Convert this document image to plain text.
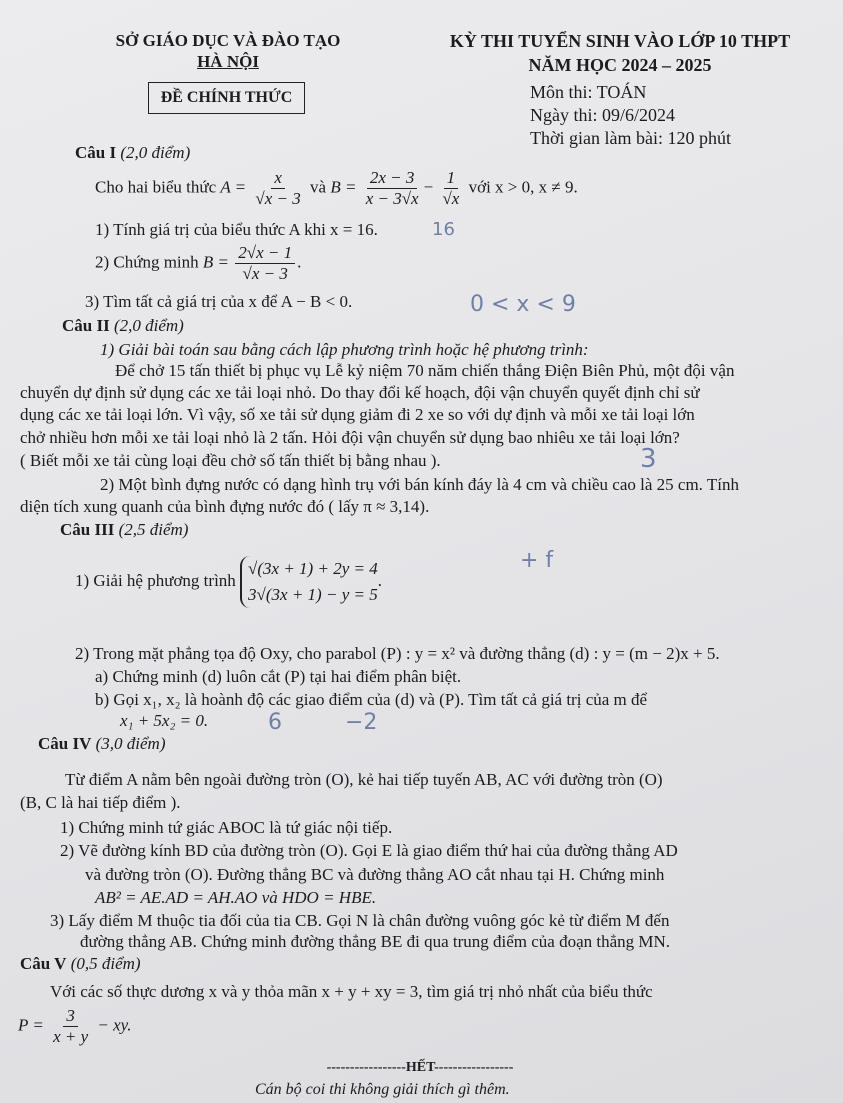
SỞ GIÁO DỤC VÀ ĐÀO TẠO
HÀ NỘI
KỲ THI TUYỂN SINH VÀO LỚP 10 THPT
NĂM HỌC 2024 – 2025
ĐỀ CHÍNH THỨC	Môn thi: TOÁN
Ngày thi: 09/6/2024
Thời gian làm bài: 120 phút
Câu I (2,0 điểm)
Cho hai biểu thức $A = \frac{x}{√x - 3}$ và $B = \frac{2x - 3}{x - 3√x} - \frac{1}{√x}$ với x > 0, x ≠ 9.
1) Tính giá trị của biểu thức A khi x = 16.
2) Chứng minh $B = \frac{2√x - 1}{√x - 3}$ .
3) Tìm tất cả giá trị của x để A − B < 0.
Câu II (2,0 điểm)
1) Giải bài toán sau bằng cách lập phương trình hoặc hệ phương trình:
Để chở 15 tấn thiết bị phục vụ Lễ kỷ niệm 70 năm chiến thắng Điện Biên Phủ, một đội vận
chuyển dự định sử dụng các xe tải loại nhỏ. Do thay đổi kế hoạch, đội vận chuyển quyết định chỉ sử
dụng các xe tải loại lớn. Vì vậy, số xe tải sử dụng giảm đi 2 xe so với dự định và mỗi xe tải loại lớn
chở nhiều hơn mỗi xe tải loại nhỏ là 2 tấn. Hỏi đội vận chuyển sử dụng bao nhiêu xe tải loại lớn?
( Biết mỗi xe tải cùng loại đều chở số tấn thiết bị bằng nhau ).
2) Một bình đựng nước có dạng hình trụ với bán kính đáy là 4 cm và chiều cao là 25 cm. Tính
diện tích xung quanh của bình đựng nước đó ( lấy π ≈ 3,14).
Câu III (2,5 điểm)
1) Giải hệ phương trình
√(3x + 1) + 2y = 4
3√(3x + 1) − y = 5
.
2) Trong mặt phẳng tọa độ Oxy, cho parabol (P) : y = x² và đường thẳng (d) : y = (m − 2)x + 5.
a) Chứng minh (d) luôn cắt (P) tại hai điểm phân biệt.
b) Gọi x₁, x₂ là hoành độ các giao điểm của (d) và (P). Tìm tất cả giá trị của m để
x₁ + 5x₂ = 0.
Câu IV (3,0 điểm)
Từ điểm A nằm bên ngoài đường tròn (O), kẻ hai tiếp tuyến AB, AC với đường tròn (O)
(B, C là hai tiếp điểm ).
1) Chứng minh tứ giác ABOC là tứ giác nội tiếp.
2) Vẽ đường kính BD của đường tròn (O). Gọi E là giao điểm thứ hai của đường thẳng AD
và đường tròn (O). Đường thẳng BC và đường thẳng AO cắt nhau tại H. Chứng minh
AB² = AE.AD = AH.AO và HDO = HBE.
3) Lấy điểm M thuộc tia đối của tia CB. Gọi N là chân đường vuông góc kẻ từ điểm M đến
đường thẳng AB. Chứng minh đường thẳng BE đi qua trung điểm của đoạn thẳng MN.
Câu V (0,5 điểm)
Với các số thực dương x và y thỏa mãn x + y + xy = 3, tìm giá trị nhỏ nhất của biểu thức
$P = \frac{3}{x + y}$ − xy.
-----------------HẾT-----------------
Cán bộ coi thi không giải thích gì thêm.
16
0 < x < 9
3
+ f
6	−2
